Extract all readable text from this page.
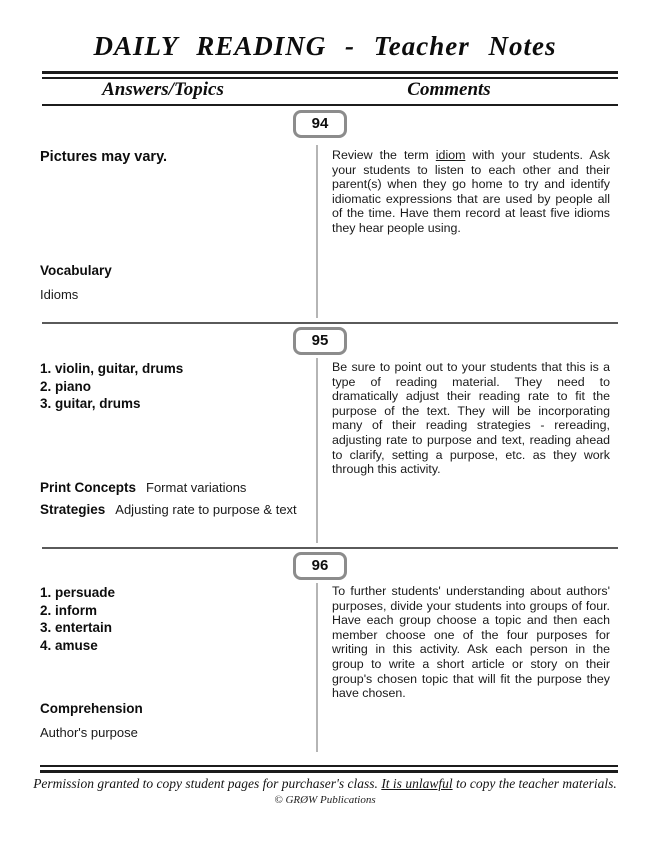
DAILY READING - Teacher Notes
Answers/Topics	Comments
94
Pictures may vary.
Vocabulary
Idioms
Review the term idiom with your students. Ask your students to listen to each other and their parent(s) when they go home to try and identify idiomatic expressions that are used by people all of the time. Have them record at least five idioms they hear people using.
95
1. violin, guitar, drums
2. piano
3. guitar, drums
Print Concepts Format variations
Strategies Adjusting rate to purpose & text
Be sure to point out to your students that this is a type of reading material. They need to dramatically adjust their reading rate to fit the purpose of the text. They will be incorporating many of their reading strategies - rereading, adjusting rate to purpose and text, reading ahead to clarify, setting a purpose, etc. as they work through this activity.
96
1. persuade
2. inform
3. entertain
4. amuse
Comprehension
Author's purpose
To further students' understanding about authors' purposes, divide your students into groups of four. Have each group choose a topic and then each member choose one of the four purposes for writing in this activity. Ask each person in the group to write a short article or story on their group's chosen topic that will fit the purpose they have chosen.
Permission granted to copy student pages for purchaser's class. It is unlawful to copy the teacher materials.
© GRØW Publications
